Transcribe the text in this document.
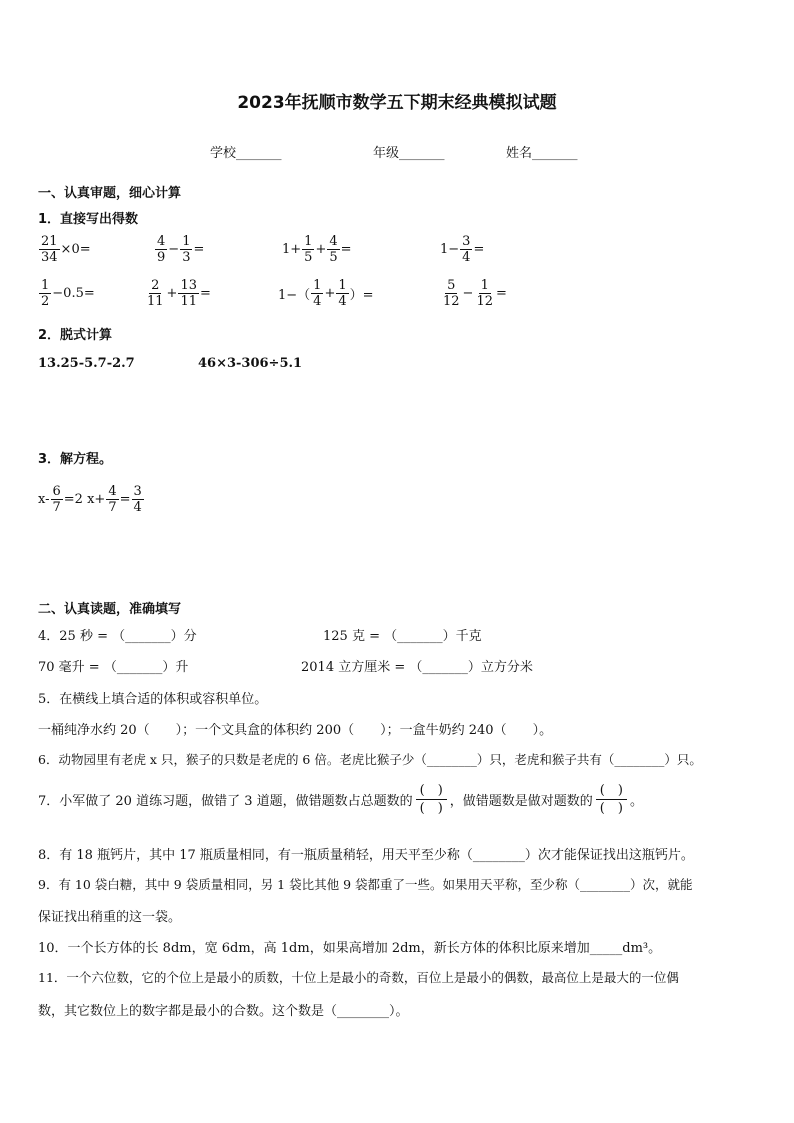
2023年抚顺市数学五下期末经典模拟试题
学校_______	年级_______	姓名_______
一、认真审题，细心计算
1．直接写出得数
$\frac{21}{34} \times 0=$	$\frac{4}{9} - \frac{1}{3}$ =	$1+ \frac{1}{5} + \frac{4}{5}$ =	$1- \frac{3}{4}$ =
$\frac{1}{2} -0.5=$	$\frac{2}{11} + \frac{13}{11}$ =	$1-( \frac{1}{4} + \frac{1}{4}$ ）=	$\frac{5}{12} - \frac{1}{12}$ =
2．脱式计算
13.25-5.7-2.7	46×3-306÷5.1
3．解方程。
$x- \frac{6}{7} =2$ $x+ \frac{4}{7} = \frac{3}{4}$
二、认真读题，准确填写
4．25 秒 = （_______）分	125 克 = （_______）千克
70 毫升 = （_______）升	2014 立方厘米 = （_______）立方分米
5．在横线上填合适的体积或容积单位。
一桶纯净水约 20（　　）；一个文具盒的体积约 200（　　）；一盒牛奶约 240（　　）。
6．动物园里有老虎 x 只，猴子的只数是老虎的 6 倍。老虎比猴子少（________）只，老虎和猴子共有（________）只。
7．小军做了 20 道练习题，做错了 3 道题，做错题数占总题数的 $\frac{( )}{( )}$ ，做错题数是做对题数的 $\frac{( )}{( )}$ 。
8．有 18 瓶钙片，其中 17 瓶质量相同，有一瓶质量稍轻，用天平至少称（________）次才能保证找出这瓶钙片。
9．有 10 袋白糖，其中 9 袋质量相同，另 1 袋比其他 9 袋都重了一些。如果用天平称，至少称（________）次，就能
保证找出稍重的这一袋。
10．一个长方体的长 8dm，宽 6dm，高 1dm，如果高增加 2dm，新长方体的体积比原来增加_____dm³。
11．一个六位数，它的个位上是最小的质数，十位上是最小的奇数，百位上是最小的偶数，最高位上是最大的一位偶
数，其它数位上的数字都是最小的合数。这个数是（________）。
